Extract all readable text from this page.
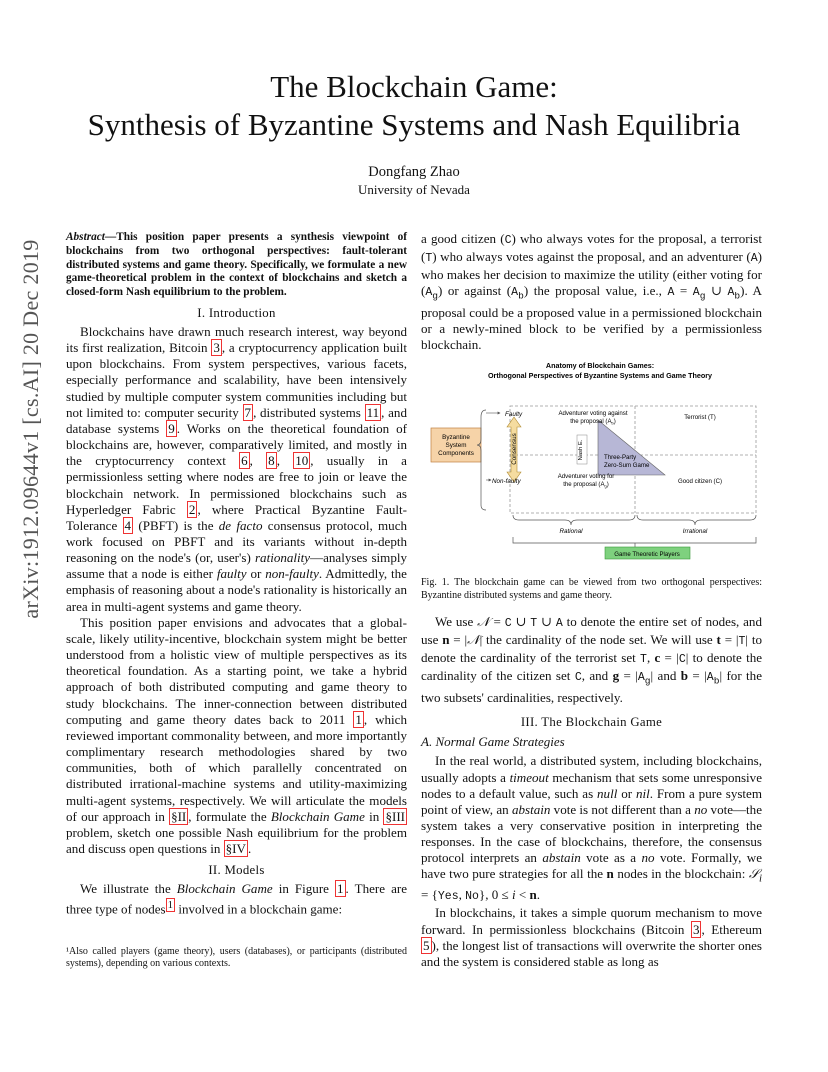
arXiv:1912.09644v1 [cs.AI] 20 Dec 2019
The Blockchain Game:
Synthesis of Byzantine Systems and Nash Equilibria
Dongfang Zhao
University of Nevada
Abstract—This position paper presents a synthesis viewpoint of blockchains from two orthogonal perspectives: fault-tolerant distributed systems and game theory. Specifically, we formulate a new game-theoretical problem in the context of blockchains and sketch a closed-form Nash equilibrium to the problem.
I. Introduction

Blockchains have drawn much research interest, way beyond its first realization, Bitcoin 3 , a cryptocurrency application built upon blockchains. From system perspectives, various facets, especially performance and scalability, have been intensively studied by multiple computer system communities including but not limited to: computer security 7 , distributed systems 11 , and database systems 9 . Works on the theoretical foundation of blockchains are, however, comparatively limited, and mostly in the cryptocurrency context 6 , 8 , 10 , usually in a permissionless setting where nodes are free to join or leave the blockchain network. In permissioned blockchains such as Hyperledger Fabric 2 , where Practical Byzantine Fault-Tolerance 4 (PBFT) is the de facto consensus protocol, much work focused on PBFT and its variants without in-depth reasoning on the node's (or, user's) rationality—analyses simply assume that a node is either faulty or non-faulty. Admittedly, the emphasis of reasoning about a node's rationality is historically an area in multi-agent systems and game theory.

This position paper envisions and advocates that a global-scale, likely utility-incentive, blockchain system might be better understood from a holistic view of multiple perspectives as its theoretical foundation. As a starting point, we take a hybrid approach of both distributed computing and game theory to study blockchains. The inner-connection between distributed computing and game theory dates back to 2011 1 , which reviewed important commonality between, and more importantly complimentary research methodologies shared by two communities, both of which parallelly concentrated on distributed irrational-machine systems and utility-maximizing multi-agent systems, respectively. We will articulate the models of our approach in §II , formulate the Blockchain Game in §III problem, sketch one possible Nash equilibrium for the problem and discuss open questions in §IV .

II. Models

We illustrate the Blockchain Game in Figure 1 . There are three type of nodes $^1$ involved in a blockchain game:

¹Also called players (game theory), users (databases), or participants (distributed systems), depending on various contexts.

a good citizen (C) who always votes for the proposal, a terrorist (T) who always votes against the proposal, and an adventurer (A) who makes her decision to maximize the utility (either voting for $(A_g)$ or against $(A_b)$ the proposal value, i.e., $A = A_g$ ∪ $A_b$). A proposal could be a proposed value in a permissioned blockchain or a newly-mined block to be verified by a permissionless blockchain.

Anatomy of Blockchain Games:
Orthogonal Perspectives of Byzantine Systems and Game Theory
Byzantine
System
Components	Consensus
Faulty
Non-faulty
Adventurer voting against
the proposal $(A_b)$
Terrorist (T)
Adventurer voting for
the proposal $(A_g)$	Good citizen (C)
Nash E.	Three-Party
Zero-Sum Game
Rational	Irrational
Game Theoretic Players
Fig. 1. The blockchain game can be viewed from two orthogonal perspectives: Byzantine distributed systems and game theory.

We use 𝒩 = C ∪ T ∪ A to denote the entire set of nodes, and use n = |𝒩| the cardinality of the node set. We will use t = |T| to denote the cardinality of the terrorist set T, c = |C| to denote the cardinality of the citizen set C, and $g = |A_g|$ and $b = |A_b|$ for the two subsets' cardinalities, respectively.

III. The Blockchain Game
A. Normal Game Strategies

In the real world, a distributed system, including blockchains, usually adopts a timeout mechanism that sets some unresponsive nodes to a default value, such as null or nil. From a pure system point of view, an abstain vote is not different than a no vote—the system takes a very conservative position in interpreting the responses. In the case of blockchains, therefore, the consensus protocol interprets an abstain vote as a no vote. Formally, we have two pure strategies for all the n nodes in the blockchain: 𝒮$_i$ = {Yes, No}, 0 ≤ i < n.

In blockchains, it takes a simple quorum mechanism to move forward. In permissionless blockchains (Bitcoin 3 , Ethereum 5 ), the longest list of transactions will overwrite the shorter ones and the system is considered stable as long as
